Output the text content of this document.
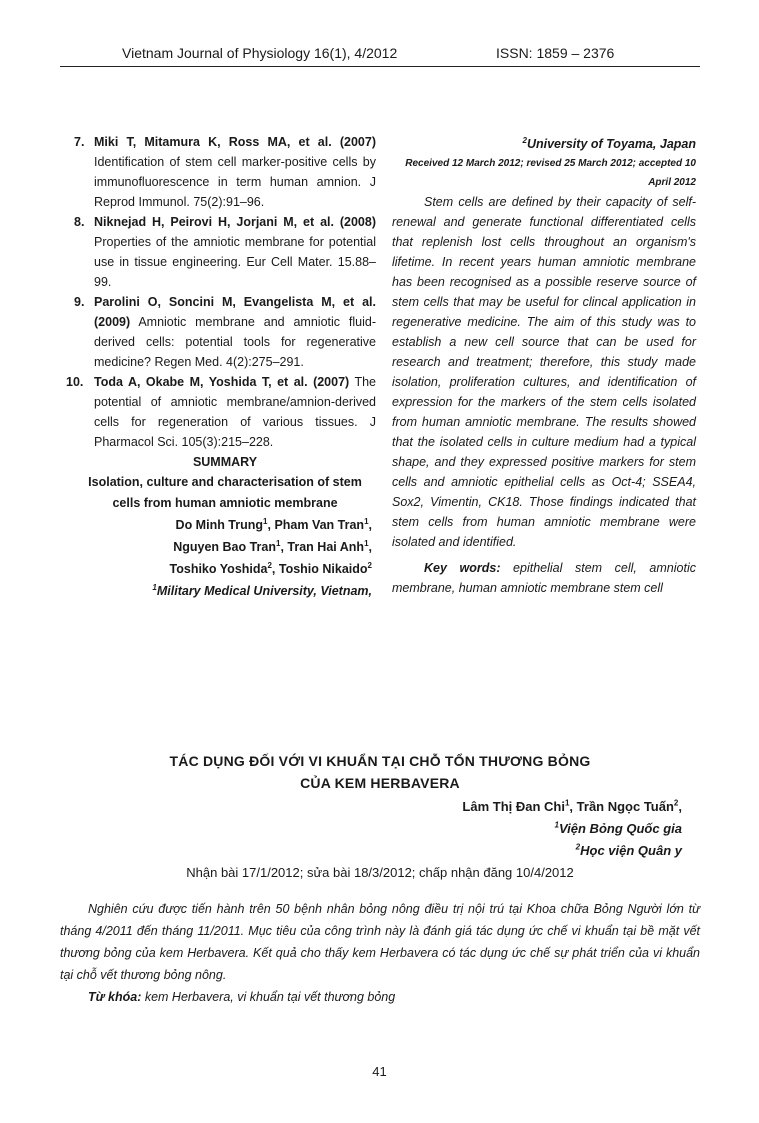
Vietnam Journal of Physiology 16(1), 4/2012	ISSN: 1859 – 2376
7. Miki T, Mitamura K, Ross MA, et al. (2007) Identification of stem cell marker-positive cells by immunofluorescence in term human amnion. J Reprod Immunol. 75(2):91–96.
8. Niknejad H, Peirovi H, Jorjani M, et al. (2008) Properties of the amniotic membrane for potential use in tissue engineering. Eur Cell Mater. 15.88–99.
9. Parolini O, Soncini M, Evangelista M, et al. (2009) Amniotic membrane and amniotic fluid-derived cells: potential tools for regenerative medicine? Regen Med. 4(2):275–291.
10. Toda A, Okabe M, Yoshida T, et al. (2007) The potential of amniotic membrane/amnion-derived cells for regeneration of various tissues. J Pharmacol Sci. 105(3):215–228.
SUMMARY
Isolation, culture and characterisation of stem cells from human amniotic membrane
Do Minh Trung$^1$, Pham Van Tran$^1$,
Nguyen Bao Tran$^1$, Tran Hai Anh$^1$,
Toshiko Yoshida$^2$, Toshio Nikaido$^2$
$^1$Military Medical University, Vietnam,
$^2$University of Toyama, Japan
Received 12 March 2012; revised 25 March 2012; accepted 10 April 2012

Stem cells are defined by their capacity of self-renewal and generate functional differentiated cells that replenish lost cells throughout an organism's lifetime. In recent years human amniotic membrane has been recognised as a possible reserve source of stem cells that may be useful for clincal application in regenerative medicine. The aim of this study was to establish a new cell source that can be used for research and treatment; therefore, this study made isolation, proliferation cultures, and identification of expression for the markers of the stem cells isolated from human amniotic membrane. The results showed that the isolated cells in culture medium had a typical shape, and they expressed positive markers for stem cells and amniotic epithelial cells as Oct-4; SSEA4, Sox2, Vimentin, CK18. Those findings indicated that stem cells from human amniotic membrane were isolated and identified.

Key words: epithelial stem cell, amniotic membrane, human amniotic membrane stem cell

TÁC DỤNG ĐỐI VỚI VI KHUẨN TẠI CHỖ TỔN THƯƠNG BỎNG
CỦA KEM HERBAVERA
Lâm Thị Đan Chi$^1$, Trần Ngọc Tuấn$^2$,
$^1$Viện Bỏng Quốc gia
$^2$Học viện Quân y
Nhận bài 17/1/2012; sửa bài 18/3/2012; chấp nhận đăng 10/4/2012
Nghiên cứu được tiến hành trên 50 bệnh nhân bỏng nông điều trị nội trú tại Khoa chữa Bỏng Người lớn từ tháng 4/2011 đến tháng 11/2011. Mục tiêu của công trình này là đánh giá tác dụng ức chế vi khuẩn tại bề mặt vết thương bỏng của kem Herbavera. Kết quả cho thấy kem Herbavera có tác dụng ức chế sự phát triển của vi khuẩn tại chỗ vết thương bỏng nông.
Từ khóa: kem Herbavera, vi khuẩn tại vết thương bỏng
41
